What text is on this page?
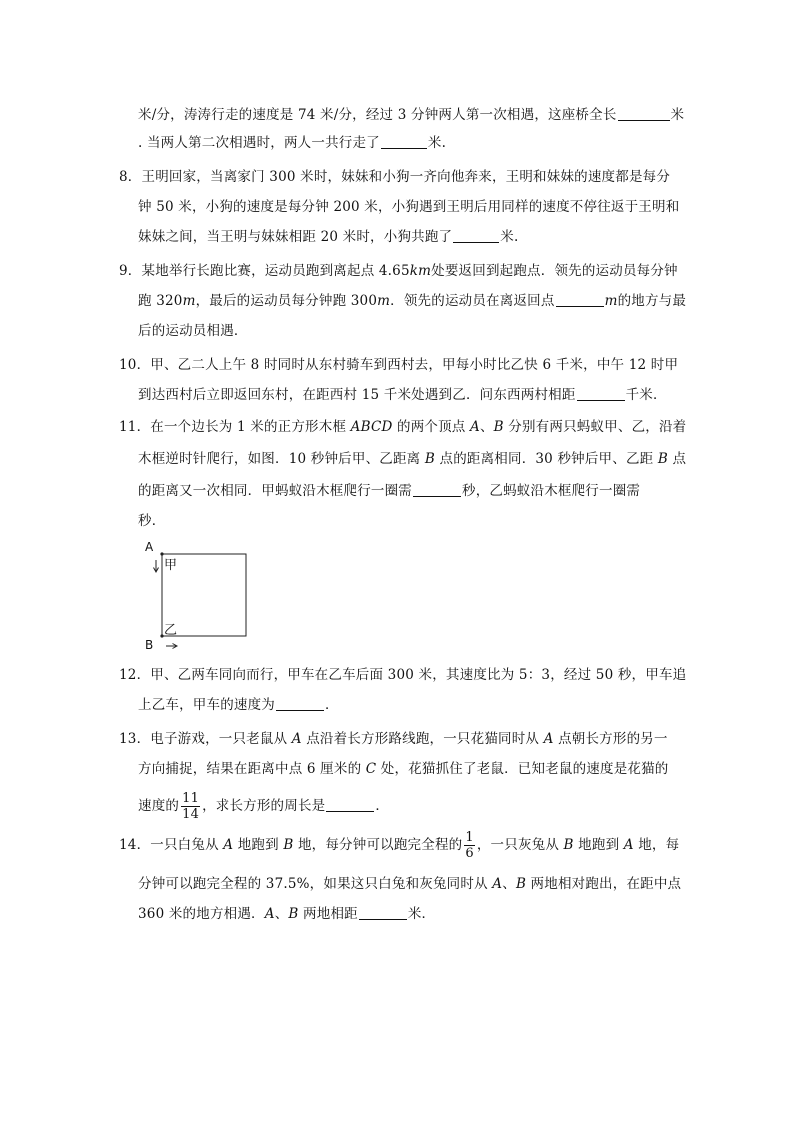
米/分，涛涛行走的速度是 74 米/分，经过 3 分钟两人第一次相遇，这座桥全长	米
. 当两人第二次相遇时，两人一共行走了	米.
8．王明回家，当离家门 300 米时，妹妹和小狗一齐向他奔来，王明和妹妹的速度都是每分
钟 50 米，小狗的速度是每分钟 200 米，小狗遇到王明后用同样的速度不停往返于王明和
妹妹之间，当王明与妹妹相距 20 米时，小狗共跑了	米.
9．某地举行长跑比赛，运动员跑到离起点 4.65km处要返回到起跑点．领先的运动员每分钟
跑 320m，最后的运动员每分钟跑 300m．领先的运动员在离返回点	m的地方与最
后的运动员相遇．
10．甲、乙二人上午 8 时同时从东村骑车到西村去，甲每小时比乙快 6 千米，中午 12 时甲
到达西村后立即返回东村，在距西村 15 千米处遇到乙．问东西两村相距	千米．
11．在一个边长为 1 米的正方形木框 ABCD 的两个顶点 A、B 分别有两只蚂蚁甲、乙，沿着
木框逆时针爬行，如图．10 秒钟后甲、乙距离 B 点的距离相同．30 秒钟后甲、乙距 B 点
的距离又一次相同．甲蚂蚁沿木框爬行一圈需	秒，乙蚂蚁沿木框爬行一圈需
秒．
A
B
甲
乙
12．甲、乙两车同向而行，甲车在乙车后面 300 米，其速度比为 5：3，经过 50 秒，甲车追
上乙车，甲车的速度为	．
13．电子游戏，一只老鼠从 A 点沿着长方形路线跑，一只花猫同时从 A 点朝长方形的另一
方向捕捉，结果在距离中点 6 厘米的 C 处，花猫抓住了老鼠．已知老鼠的速度是花猫的
速度的 $\frac{11}{14}$ ，求长方形的周长是	．
14．一只白兔从 A 地跑到 B 地，每分钟可以跑完全程的 $\frac{1}{6}$ ，一只灰兔从 B 地跑到 A 地，每
分钟可以跑完全程的 37.5%，如果这只白兔和灰兔同时从 A、B 两地相对跑出，在距中点
360 米的地方相遇．A、B 两地相距	米．
